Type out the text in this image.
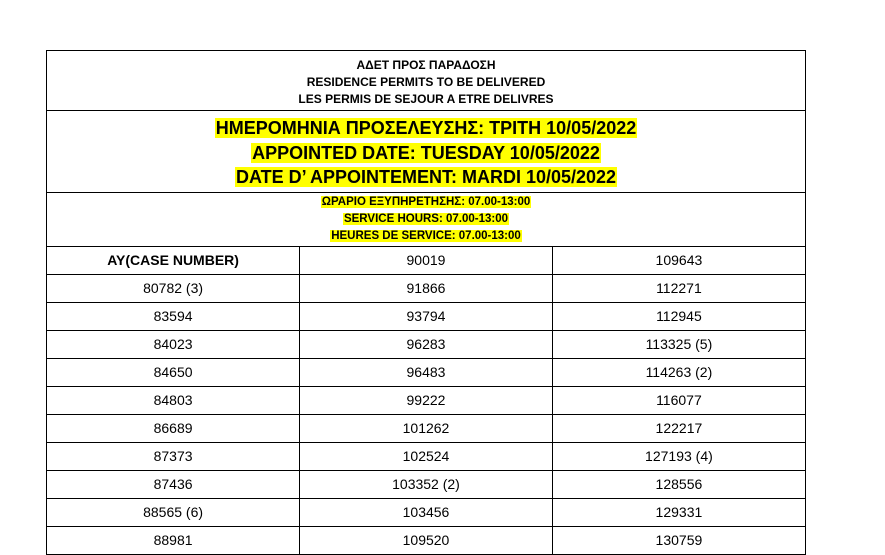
ΑΔΕΤ ΠΡΟΣ ΠΑΡΑΔΟΣΗ
RESIDENCE PERMITS TO BE DELIVERED
LES PERMIS DE SEJOUR A ETRE DELIVRES
ΗΜΕΡΟΜΗΝΙΑ ΠΡΟΣΕΛΕΥΣΗΣ: ΤΡΙΤΗ 10/05/2022
APPOINTED DATE: TUESDAY 10/05/2022
DATE D’ APPOINTEMENT: MARDI 10/05/2022
ΩΡΑΡΙΟ ΕΞΥΠΗΡΕΤΗΣΗΣ: 07.00-13:00
SERVICE HOURS: 07.00-13:00
HEURES DE SERVICE: 07.00-13:00
AY(CASE NUMBER)	90019	109643
80782 (3)	91866	112271
83594	93794	112945
84023	96283	113325 (5)
84650	96483	114263 (2)
84803	99222	116077
86689	101262	122217
87373	102524	127193 (4)
87436	103352 (2)	128556
88565 (6)	103456	129331
88981	109520	130759
